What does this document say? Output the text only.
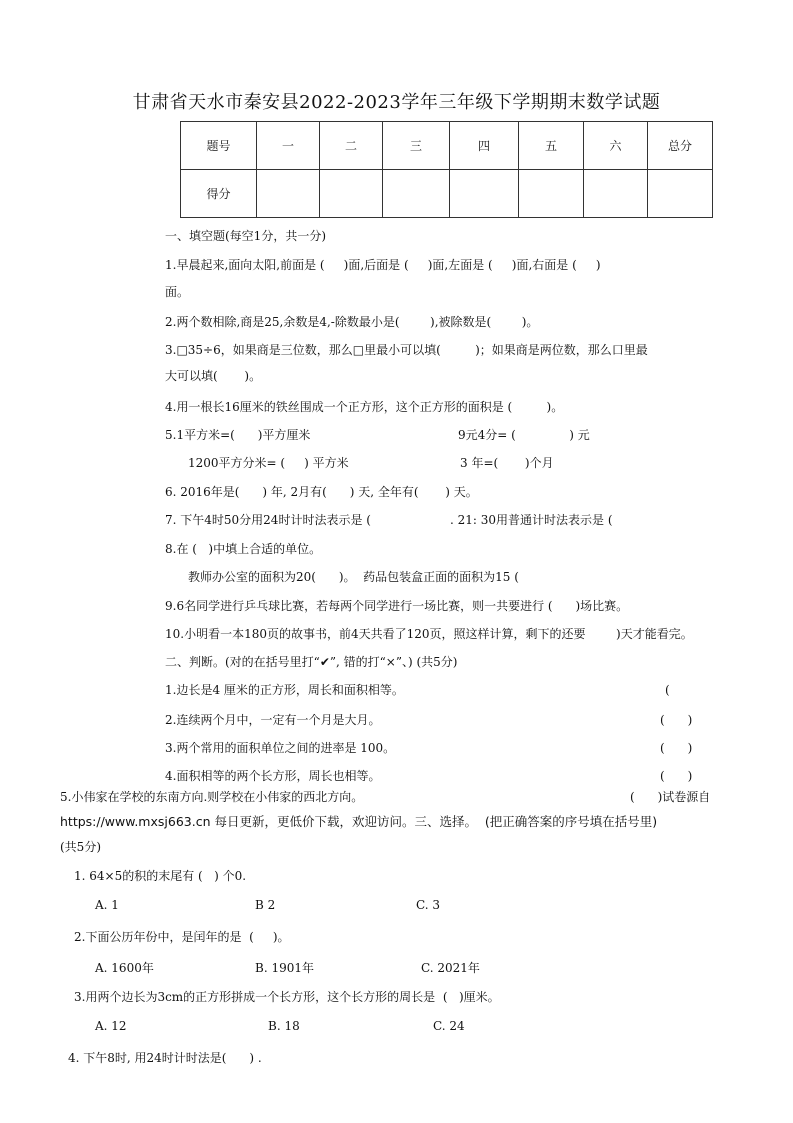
甘肃省天水市秦安县2022-2023学年三年级下学期期末数学试题
题号	一	二	三	四	五	六	总分
得分							
一、填空题(每空1分，共一分)
1.早晨起来,面向太阳,前面是 (     )面,后面是 (     )面,左面是 (     )面,右面是 (     )
面。
2.两个数相除,商是25,余数是4,-除数最小是(        ),被除数是(        )。
3.□35÷6，如果商是三位数，那么□里最小可以填(         )；如果商是两位数，那么口里最
大可以填(       )。
4.用一根长16厘米的铁丝围成一个正方形，这个正方形的面积是 (         )。
5.1平方米=(      )平方厘米	9元4分= (              ) 元
1200平方分米= (     ) 平方米	3 年=(       )个月
6. 2016年是(      ) 年, 2月有(      ) 天, 全年有(       ) 天。
7. 下午4时50分用24时计时法表示是 (	. 21: 30用普通计时法表示是 (
8.在 (   )中填上合适的单位。
教师办公室的面积为20(      )。  药品包装盒正面的面积为15 (
9.6名同学进行乒乓球比赛，若每两个同学进行一场比赛，则一共要进行 (      )场比赛。
10.小明看一本180页的故事书，前4天共看了120页，照这样计算，剩下的还要        )天才能看完。
二、判断。(对的在括号里打“✔”, 错的打“×”、) (共5分)
1.边长是4 厘米的正方形，周长和面积相等。	(
2.连续两个月中，一定有一个月是大月。	(      )
3.两个常用的面积单位之间的进率是 100。	(      )
4.面积相等的两个长方形，周长也相等。	(      )
5.小伟家在学校的东南方向.则学校在小伟家的西北方向。	(      )试卷源自
https://www.mxsj663.cn 每日更新，更低价下载，欢迎访问。三、选择。  (把正确答案的序号填在括号里)
(共5分)
1. 64×5的积的末尾有 (   ) 个0.
A. 1	B 2	C. 3
2.下面公历年份中，是闰年的是  (     )。
A. 1600年	B. 1901年	C. 2021年
3.用两个边长为3cm的正方形拼成一个长方形，这个长方形的周长是  (   )厘米。
A. 12	B. 18	C. 24
4. 下午8时, 用24时计时法是(      ) .
